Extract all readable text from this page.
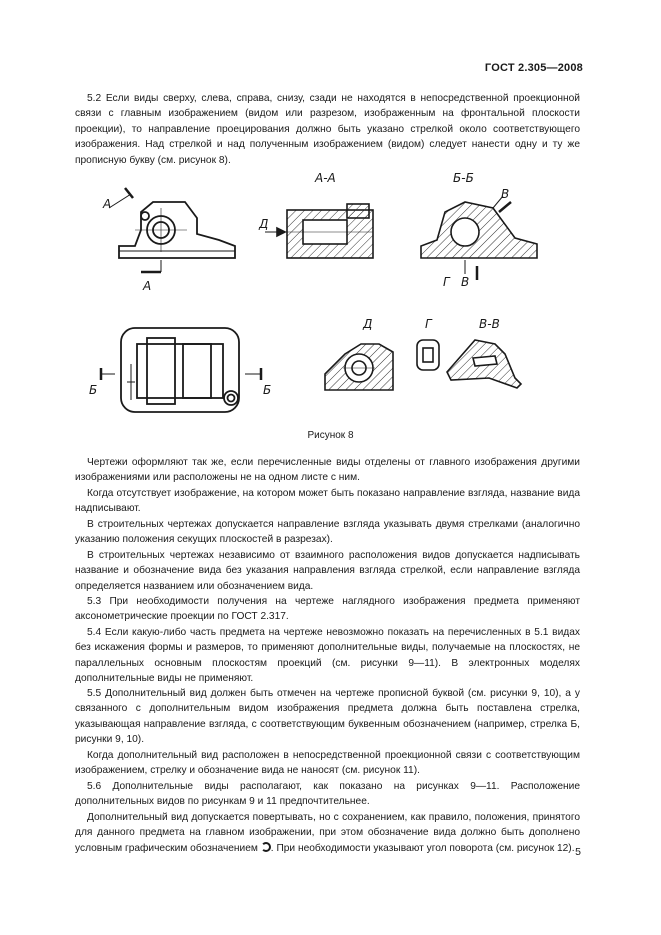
ГОСТ 2.305—2008

5.2 Если виды сверху, слева, справа, снизу, сзади не находятся в непосредственной проекционной связи с главным изображением (видом или разрезом, изображенным на фронтальной плоскости проекции), то направление проецирования должно быть указано стрелкой около соответствующего изображения. Над стрелкой и над полученным изображением (видом) следует нанести одну и ту же прописную букву (см. рисунок 8).

А
А
А-А
Д
Б-Б
В
Г В
Б	Б
Д	Г	В-В
Рисунок 8

Чертежи оформляют так же, если перечисленные виды отделены от главного изображения другими изображениями или расположены не на одном листе с ним.

Когда отсутствует изображение, на котором может быть показано направление взгляда, название вида надписывают.

В строительных чертежах допускается направление взгляда указывать двумя стрелками (аналогично указанию положения секущих плоскостей в разрезах).

В строительных чертежах независимо от взаимного расположения видов допускается надписывать название и обозначение вида без указания направления взгляда стрелкой, если направление взгляда определяется названием или обозначением вида.

5.3 При необходимости получения на чертеже наглядного изображения предмета применяют аксонометрические проекции по ГОСТ 2.317.

5.4 Если какую-либо часть предмета на чертеже невозможно показать на перечисленных в 5.1 видах без искажения формы и размеров, то применяют дополнительные виды, получаемые на плоскостях, не параллельных основным плоскостям проекций (см. рисунки 9—11). В электронных моделях дополнительные виды не применяют.

5.5 Дополнительный вид должен быть отмечен на чертеже прописной буквой (см. рисунки 9, 10), а у связанного с дополнительным видом изображения предмета должна быть поставлена стрелка, указывающая направление взгляда, с соответствующим буквенным обозначением (например, стрелка Б, рисунки 9, 10).

Когда дополнительный вид расположен в непосредственной проекционной связи с соответствующим изображением, стрелку и обозначение вида не наносят (см. рисунок 11).

5.6 Дополнительные виды располагают, как показано на рисунках 9—11. Расположение дополнительных видов по рисункам 9 и 11 предпочтительнее.

Дополнительный вид допускается повертывать, но с сохранением, как правило, положения, принятого для данного предмета на главном изображении, при этом обозначение вида должно быть дополнено условным графическим обозначением . При необходимости указывают угол поворота (см. рисунок 12). 5
